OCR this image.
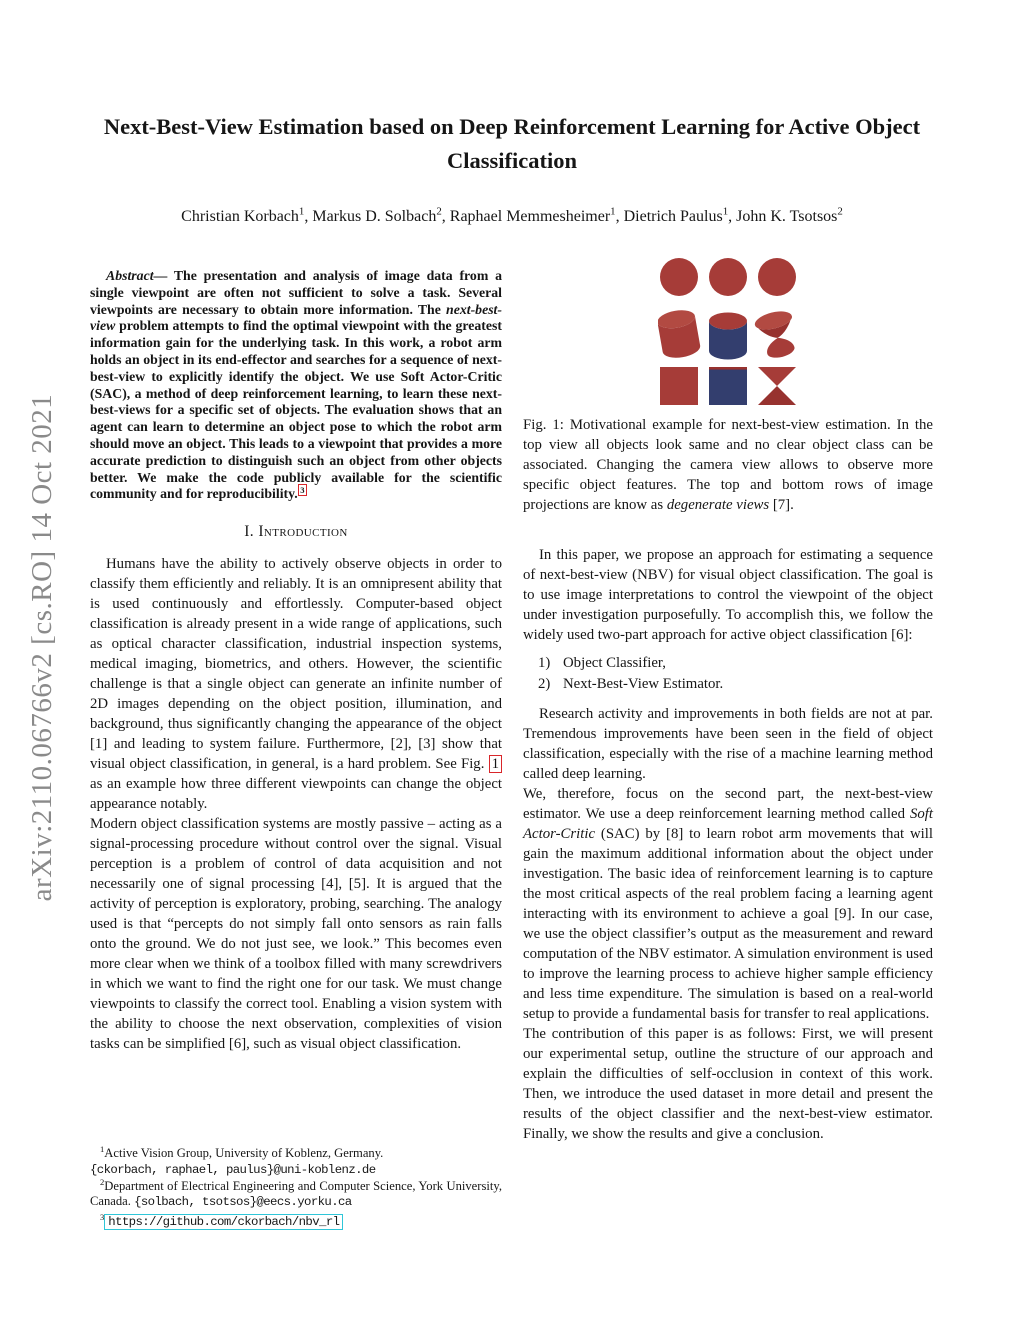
arXiv:2110.06766v2 [cs.RO] 14 Oct 2021
Next-Best-View Estimation based on Deep Reinforcement Learning for Active Object Classification
Christian Korbach$^1$, Markus D. Solbach$^2$, Raphael Memmesheimer$^1$, Dietrich Paulus$^1$, John K. Tsotsos$^2$

Abstract— The presentation and analysis of image data from a single viewpoint are often not sufficient to solve a task. Several viewpoints are necessary to obtain more information. The next-best-view problem attempts to find the optimal viewpoint with the greatest information gain for the underlying task. In this work, a robot arm holds an object in its end-effector and searches for a sequence of next-best-view to explicitly identify the object. We use Soft Actor-Critic (SAC), a method of deep reinforcement learning, to learn these next-best-views for a specific set of objects. The evaluation shows that an agent can learn to determine an object pose to which the robot arm should move an object. This leads to a viewpoint that provides a more accurate prediction to distinguish such an object from other objects better. We make the code publicly available for the scientific community and for reproducibility. $^3$

I. Introduction

Humans have the ability to actively observe objects in order to classify them efficiently and reliably. It is an omnipresent ability that is used continuously and effortlessly. Computer-based object classification is already present in a wide range of applications, such as optical character classification, industrial inspection systems, medical imaging, biometrics, and others. However, the scientific challenge is that a single object can generate an infinite number of 2D images depending on the object position, illumination, and background, thus significantly changing the appearance of the object [1] and leading to system failure. Furthermore, [2], [3] show that visual object classification, in general, is a hard problem. See Fig. 1 as an example how three different viewpoints can change the object appearance notably.

Modern object classification systems are mostly passive – acting as a signal-processing procedure without control over the signal. Visual perception is a problem of control of data acquisition and not necessarily one of signal processing [4], [5]. It is argued that the activity of perception is exploratory, probing, searching. The analogy used is that “percepts do not simply fall onto sensors as rain falls onto the ground. We do not just see, we look.” This becomes even more clear when we think of a toolbox filled with many screwdrivers in which we want to find the right one for our task. We must change viewpoints to classify the correct tool. Enabling a vision system with the ability to choose the next observation, complexities of vision tasks can be simplified [6], such as visual object classification.

Fig. 1: Motivational example for next-best-view estimation. In the top view all objects look same and no clear object class can be associated. Changing the camera view allows to observe more specific object features. The top and bottom rows of image projections are know as degenerate views [7].

In this paper, we propose an approach for estimating a sequence of next-best-view (NBV) for visual object classification. The goal is to use image interpretations to control the viewpoint of the object under investigation purposefully. To accomplish this, we follow the widely used two-part approach for active object classification [6]:

1) Object Classifier,
2) Next-Best-View Estimator.

Research activity and improvements in both fields are not at par. Tremendous improvements have been seen in the field of object classification, especially with the rise of a machine learning method called deep learning.

We, therefore, focus on the second part, the next-best-view estimator. We use a deep reinforcement learning method called Soft Actor-Critic (SAC) by [8] to learn robot arm movements that will gain the maximum additional information about the object under investigation. The basic idea of reinforcement learning is to capture the most critical aspects of the real problem facing a learning agent interacting with its environment to achieve a goal [9]. In our case, we use the object classifier’s output as the measurement and reward computation of the NBV estimator. A simulation environment is used to improve the learning process to achieve higher sample efficiency and less time expenditure. The simulation is based on a real-world setup to provide a fundamental basis for transfer to real applications.

The contribution of this paper is as follows: First, we will present our experimental setup, outline the structure of our approach and explain the difficulties of self-occlusion in context of this work. Then, we introduce the used dataset in more detail and present the results of the object classifier and the next-best-view estimator. Finally, we show the results and give a conclusion.

$^1$Active Vision Group, University of Koblenz, Germany.
{ckorbach, raphael, paulus}@uni-koblenz.de

$^2$Department of Electrical Engineering and Computer Science, York University, Canada. {solbach, tsotsos}@eecs.yorku.ca

$^3$ https://github.com/ckorbach/nbv_rl
